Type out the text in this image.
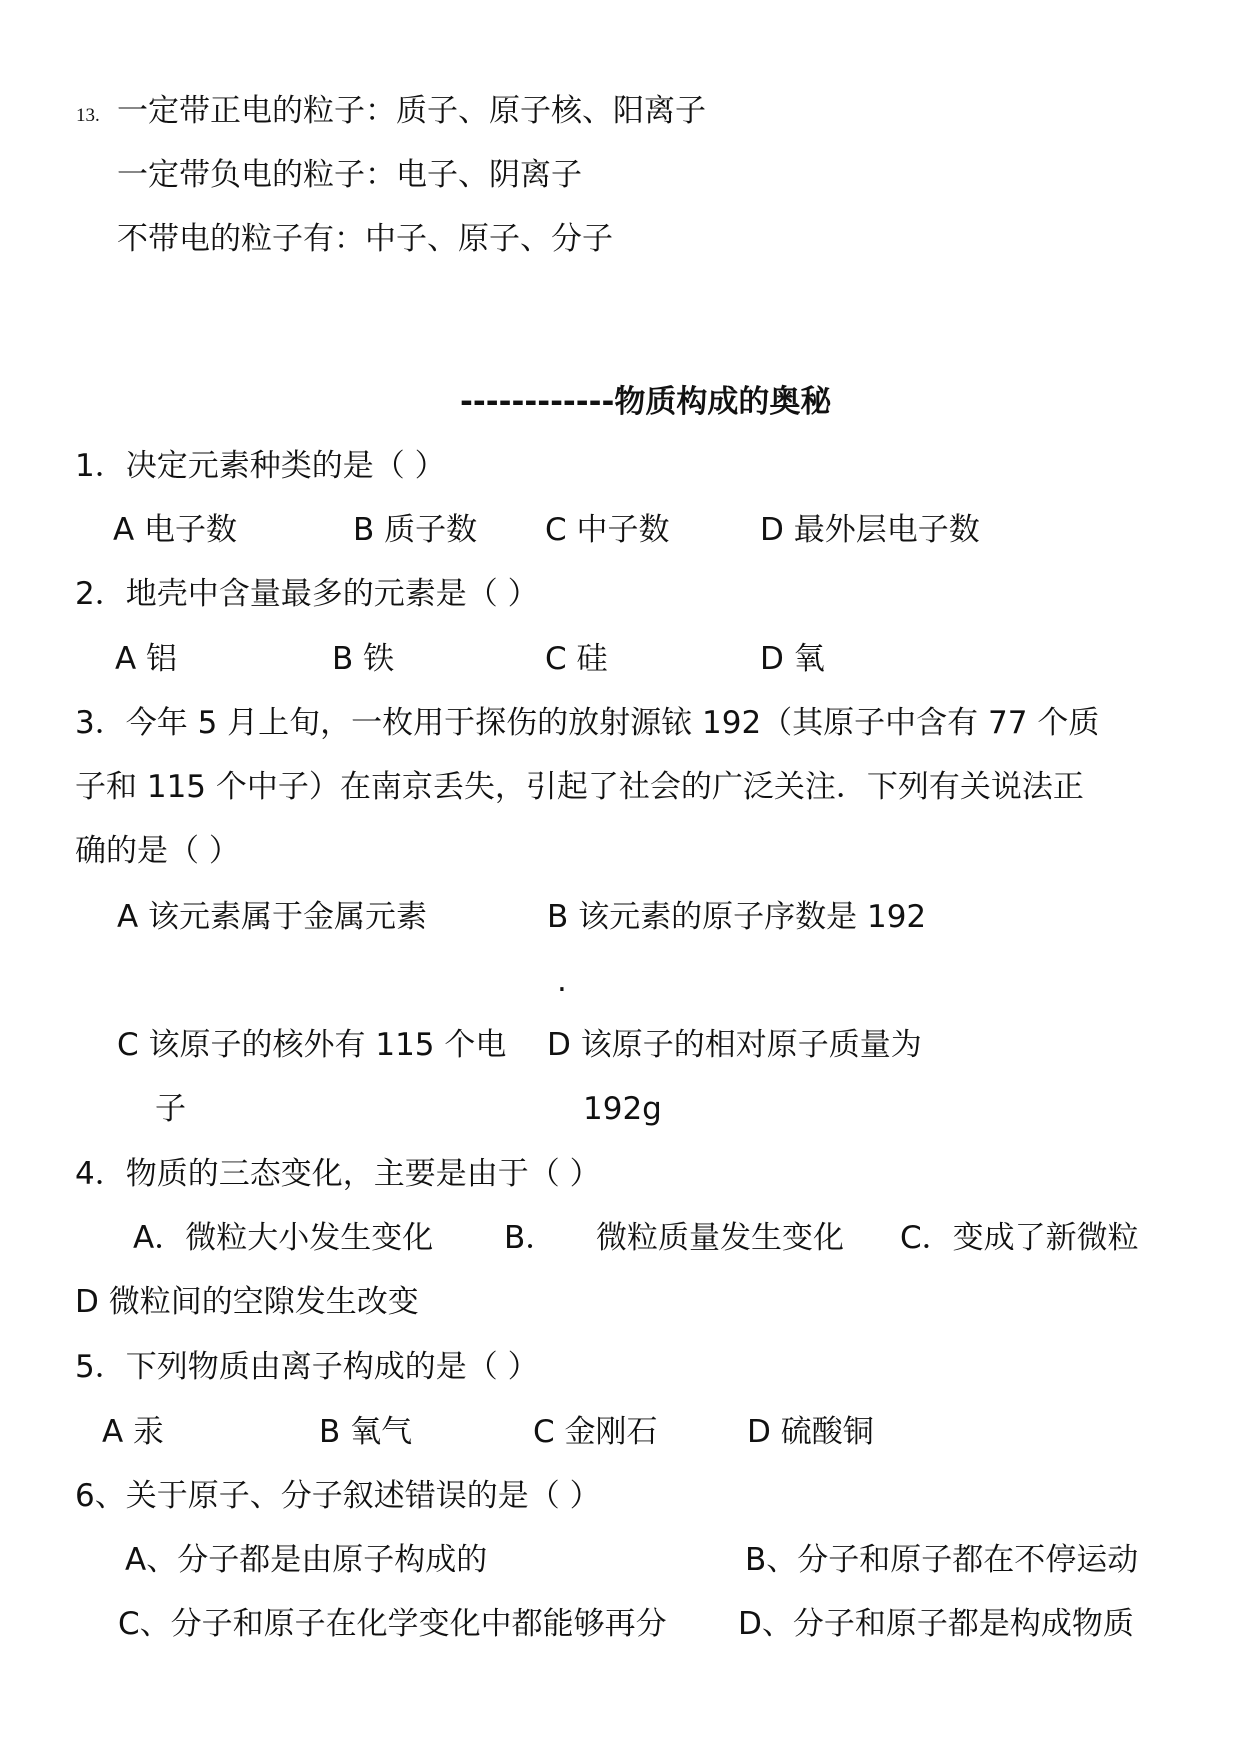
13. 一定带正电的粒子：质子、原子核、阳离子
一定带负电的粒子：电子、阴离子
不带电的粒子有：中子、原子、分子
------------物质构成的奥秘
1．决定元素种类的是（ ）
A 电子数	B 质子数 C 中子数	D 最外层电子数
2．地壳中含量最多的元素是（ ）
A 铝	B 铁	C 硅	D 氧
3．今年 5 月上旬，一枚用于探伤的放射源铱 192（其原子中含有 77 个质
子和 115 个中子）在南京丢失，引起了社会的广泛关注．下列有关说法正
确的是（ ）
A 该元素属于金属元素	B 该元素的原子序数是 192
.
C 该原子的核外有 115 个电
子
D 该原子的相对原子质量为
192g
4．物质的三态变化，主要是由于（ ）
A．微粒大小发生变化 B． 微粒质量发生变化 C．变成了新微粒
D 微粒间的空隙发生改变
5．下列物质由离子构成的是（ ）
A 汞	B 氧气	C 金刚石	D 硫酸铜
6、关于原子、分子叙述错误的是（ ）
A、分子都是由原子构成的	B、分子和原子都在不停运动
C、分子和原子在化学变化中都能够再分 D、分子和原子都是构成物质
